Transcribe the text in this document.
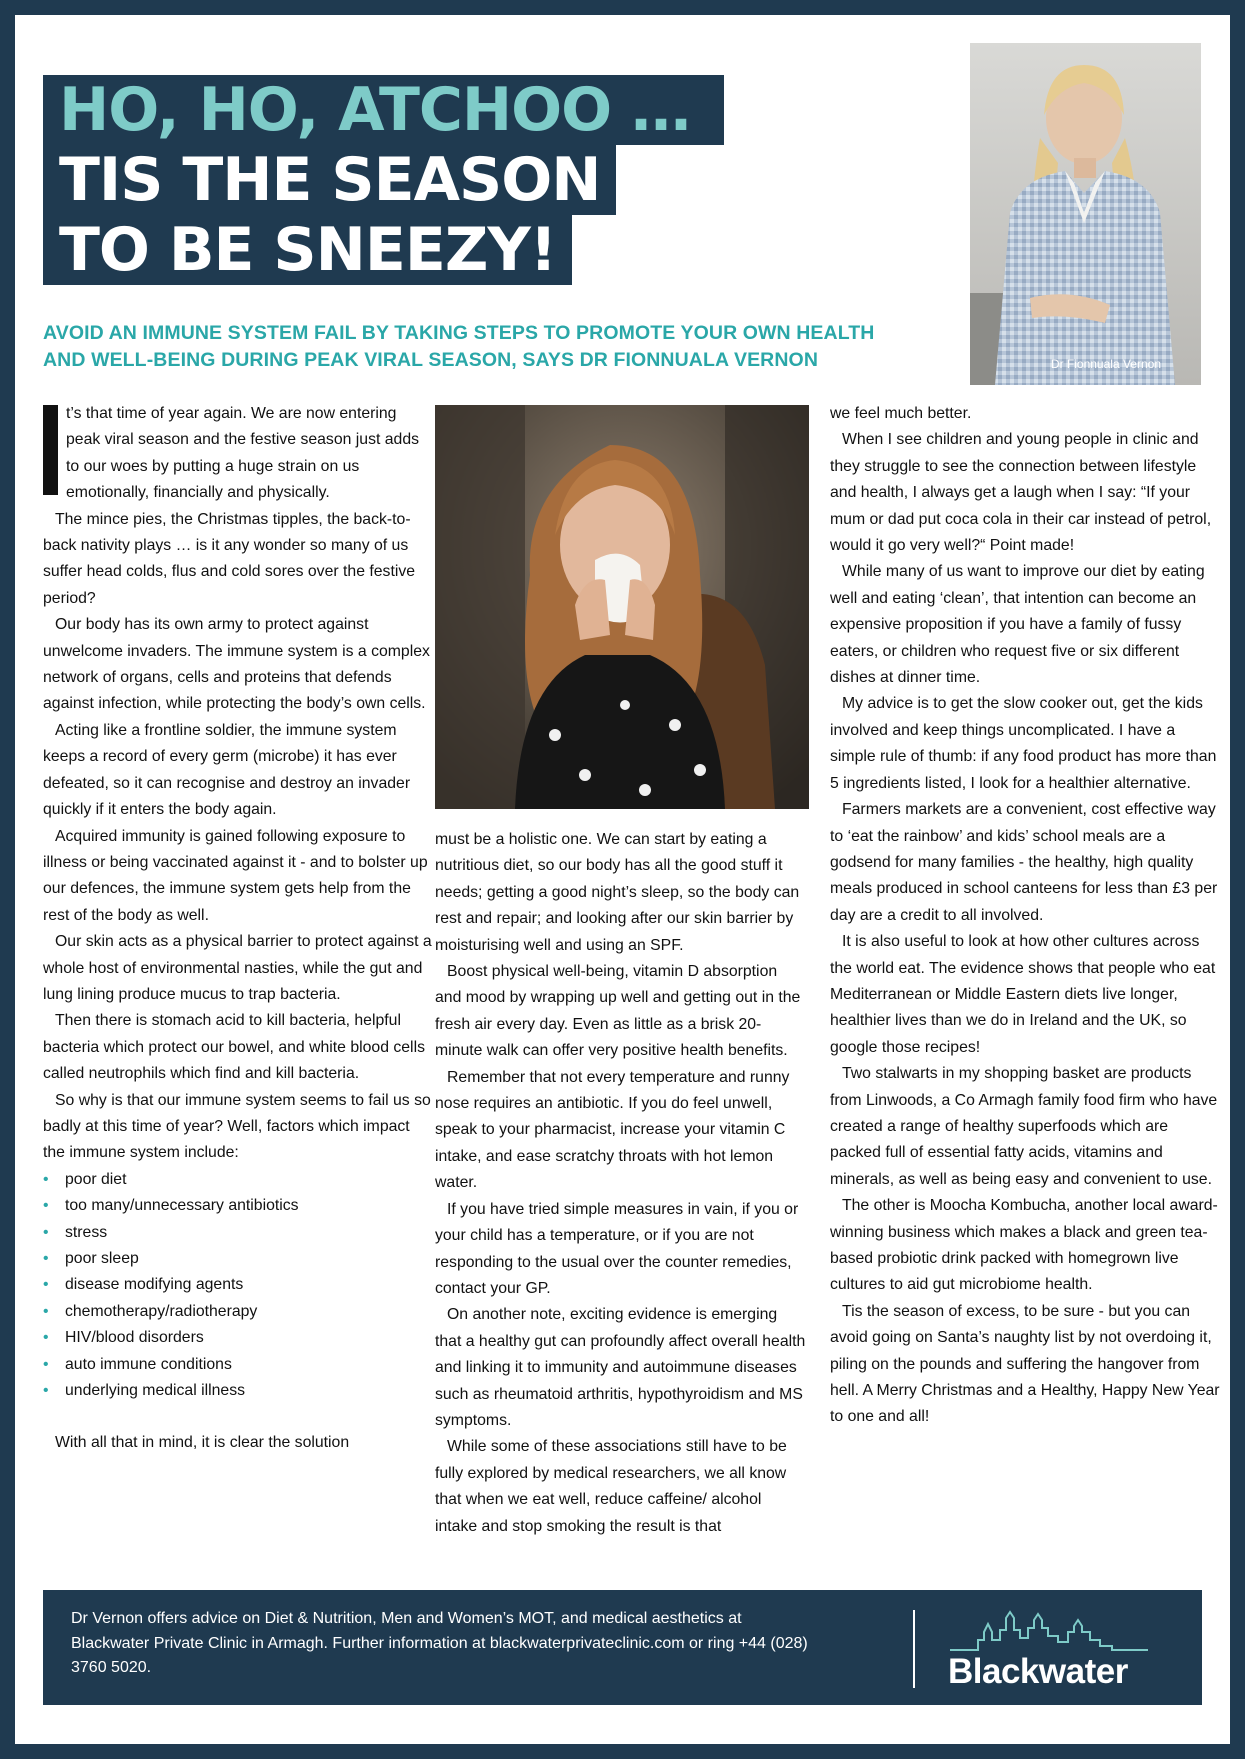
HO, HO, ATCHOO …
TIS THE SEASON
TO BE SNEEZY!
AVOID AN IMMUNE SYSTEM FAIL BY TAKING STEPS TO PROMOTE YOUR OWN HEALTH
AND WELL-BEING DURING PEAK VIRAL SEASON, SAYS DR FIONNUALA VERNON	Dr Fionnuala Vernon

t’s that time of year again. We are now entering peak viral season and the festive season just adds to our woes by putting a huge strain on us emotionally, financially and physically.

The mince pies, the Christmas tipples, the back-to-back nativity plays … is it any wonder so many of us suffer head colds, flus and cold sores over the festive period?

Our body has its own army to protect against unwelcome invaders. The immune system is a complex network of organs, cells and proteins that defends against infection, while protecting the body’s own cells.

Acting like a frontline soldier, the immune system keeps a record of every germ (microbe) it has ever defeated, so it can recognise and destroy an invader quickly if it enters the body again.

Acquired immunity is gained following exposure to illness or being vaccinated against it - and to bolster up our defences, the immune system gets help from the rest of the body as well.

Our skin acts as a physical barrier to protect against a whole host of environmental nasties, while the gut and lung lining produce mucus to trap bacteria.

Then there is stomach acid to kill bacteria, helpful bacteria which protect our bowel, and white blood cells called neutrophils which find and kill bacteria.

So why is that our immune system seems to fail us so badly at this time of year? Well, factors which impact the immune system include:

• poor diet
• too many/unnecessary antibiotics
• stress
• poor sleep
• disease modifying agents
• chemotherapy/radiotherapy
• HIV/blood disorders
• auto immune conditions
• underlying medical illness

With all that in mind, it is clear the solution

must be a holistic one. We can start by eating a nutritious diet, so our body has all the good stuff it needs; getting a good night’s sleep, so the body can rest and repair; and looking after our skin barrier by moisturising well and using an SPF.

Boost physical well-being, vitamin D absorption and mood by wrapping up well and getting out in the fresh air every day. Even as little as a brisk 20-minute walk can offer very positive health benefits.

Remember that not every temperature and runny nose requires an antibiotic. If you do feel unwell, speak to your pharmacist, increase your vitamin C intake, and ease scratchy throats with hot lemon water.

If you have tried simple measures in vain, if you or your child has a temperature, or if you are not responding to the usual over the counter remedies, contact your GP.

On another note, exciting evidence is emerging that a healthy gut can profoundly affect overall health and linking it to immunity and autoimmune diseases such as rheumatoid arthritis, hypothyroidism and MS symptoms.

While some of these associations still have to be fully explored by medical researchers, we all know that when we eat well, reduce caffeine/ alcohol intake and stop smoking the result is that

we feel much better.

When I see children and young people in clinic and they struggle to see the connection between lifestyle and health, I always get a laugh when I say: “If your mum or dad put coca cola in their car instead of petrol, would it go very well?“ Point made!

While many of us want to improve our diet by eating well and eating ‘clean’, that intention can become an expensive proposition if you have a family of fussy eaters, or children who request five or six different dishes at dinner time.

My advice is to get the slow cooker out, get the kids involved and keep things uncomplicated. I have a simple rule of thumb: if any food product has more than 5 ingredients listed, I look for a healthier alternative.

Farmers markets are a convenient, cost effective way to ‘eat the rainbow’ and kids’ school meals are a godsend for many families - the healthy, high quality meals produced in school canteens for less than £3 per day are a credit to all involved.

It is also useful to look at how other cultures across the world eat. The evidence shows that people who eat Mediterranean or Middle Eastern diets live longer, healthier lives than we do in Ireland and the UK, so google those recipes!

Two stalwarts in my shopping basket are products from Linwoods, a Co Armagh family food firm who have created a range of healthy superfoods which are packed full of essential fatty acids, vitamins and minerals, as well as being easy and convenient to use.

The other is Moocha Kombucha, another local award-winning business which makes a black and green tea-based probiotic drink packed with homegrown live cultures to aid gut microbiome health.

Tis the season of excess, to be sure - but you can avoid going on Santa’s naughty list by not overdoing it, piling on the pounds and suffering the hangover from hell. A Merry Christmas and a Healthy, Happy New Year to one and all!

Dr Vernon offers advice on Diet & Nutrition, Men and Women’s MOT, and medical aesthetics at Blackwater Private Clinic in Armagh. Further information at blackwaterprivateclinic.com or ring +44 (028) 3760 5020.	Blackwater
